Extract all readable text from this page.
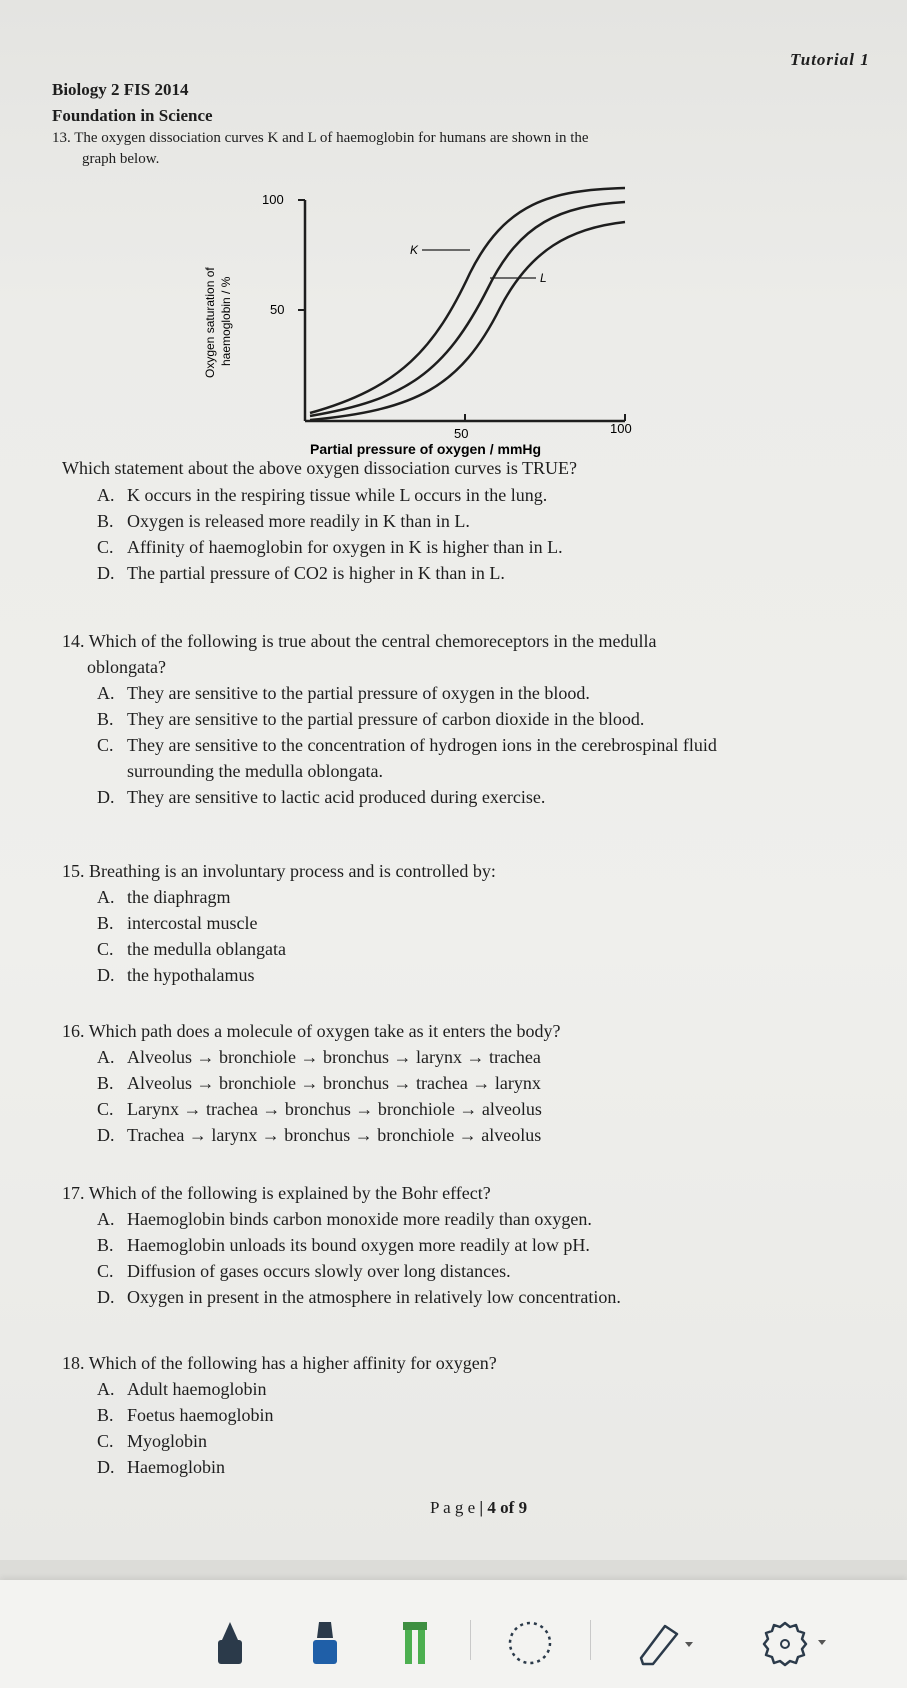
Tutorial 1
Biology 2 FIS 2014
Foundation in Science
13. The oxygen dissociation curves K and L of haemoglobin for humans are shown in the
graph below.
100
50
50	100
Oxygen saturation of haemoglobin / %
Partial pressure of oxygen / mmHg
K
L
Which statement about the above oxygen dissociation curves is TRUE?
A. K occurs in the respiring tissue while L occurs in the lung.
B. Oxygen is released more readily in K than in L.
C. Affinity of haemoglobin for oxygen in K is higher than in L.
D. The partial pressure of CO2 is higher in K than in L.
14. Which of the following is true about the central chemoreceptors in the medulla
oblongata?
A. They are sensitive to the partial pressure of oxygen in the blood.
B. They are sensitive to the partial pressure of carbon dioxide in the blood.
C. They are sensitive to the concentration of hydrogen ions in the cerebrospinal fluid
surrounding the medulla oblongata.
D. They are sensitive to lactic acid produced during exercise.
15. Breathing is an involuntary process and is controlled by:
A. the diaphragm
B. intercostal muscle
C. the medulla oblangata
D. the hypothalamus
16. Which path does a molecule of oxygen take as it enters the body?
A. Alveolus → bronchiole → bronchus → larynx → trachea
B. Alveolus → bronchiole → bronchus → trachea → larynx
C. Larynx → trachea → bronchus → bronchiole → alveolus
D. Trachea → larynx → bronchus → bronchiole → alveolus
17. Which of the following is explained by the Bohr effect?
A. Haemoglobin binds carbon monoxide more readily than oxygen.
B. Haemoglobin unloads its bound oxygen more readily at low pH.
C. Diffusion of gases occurs slowly over long distances.
D. Oxygen in present in the atmosphere in relatively low concentration.
18. Which of the following has a higher affinity for oxygen?
A. Adult haemoglobin
B. Foetus haemoglobin
C. Myoglobin
D. Haemoglobin
P a g e | 4 of 9
